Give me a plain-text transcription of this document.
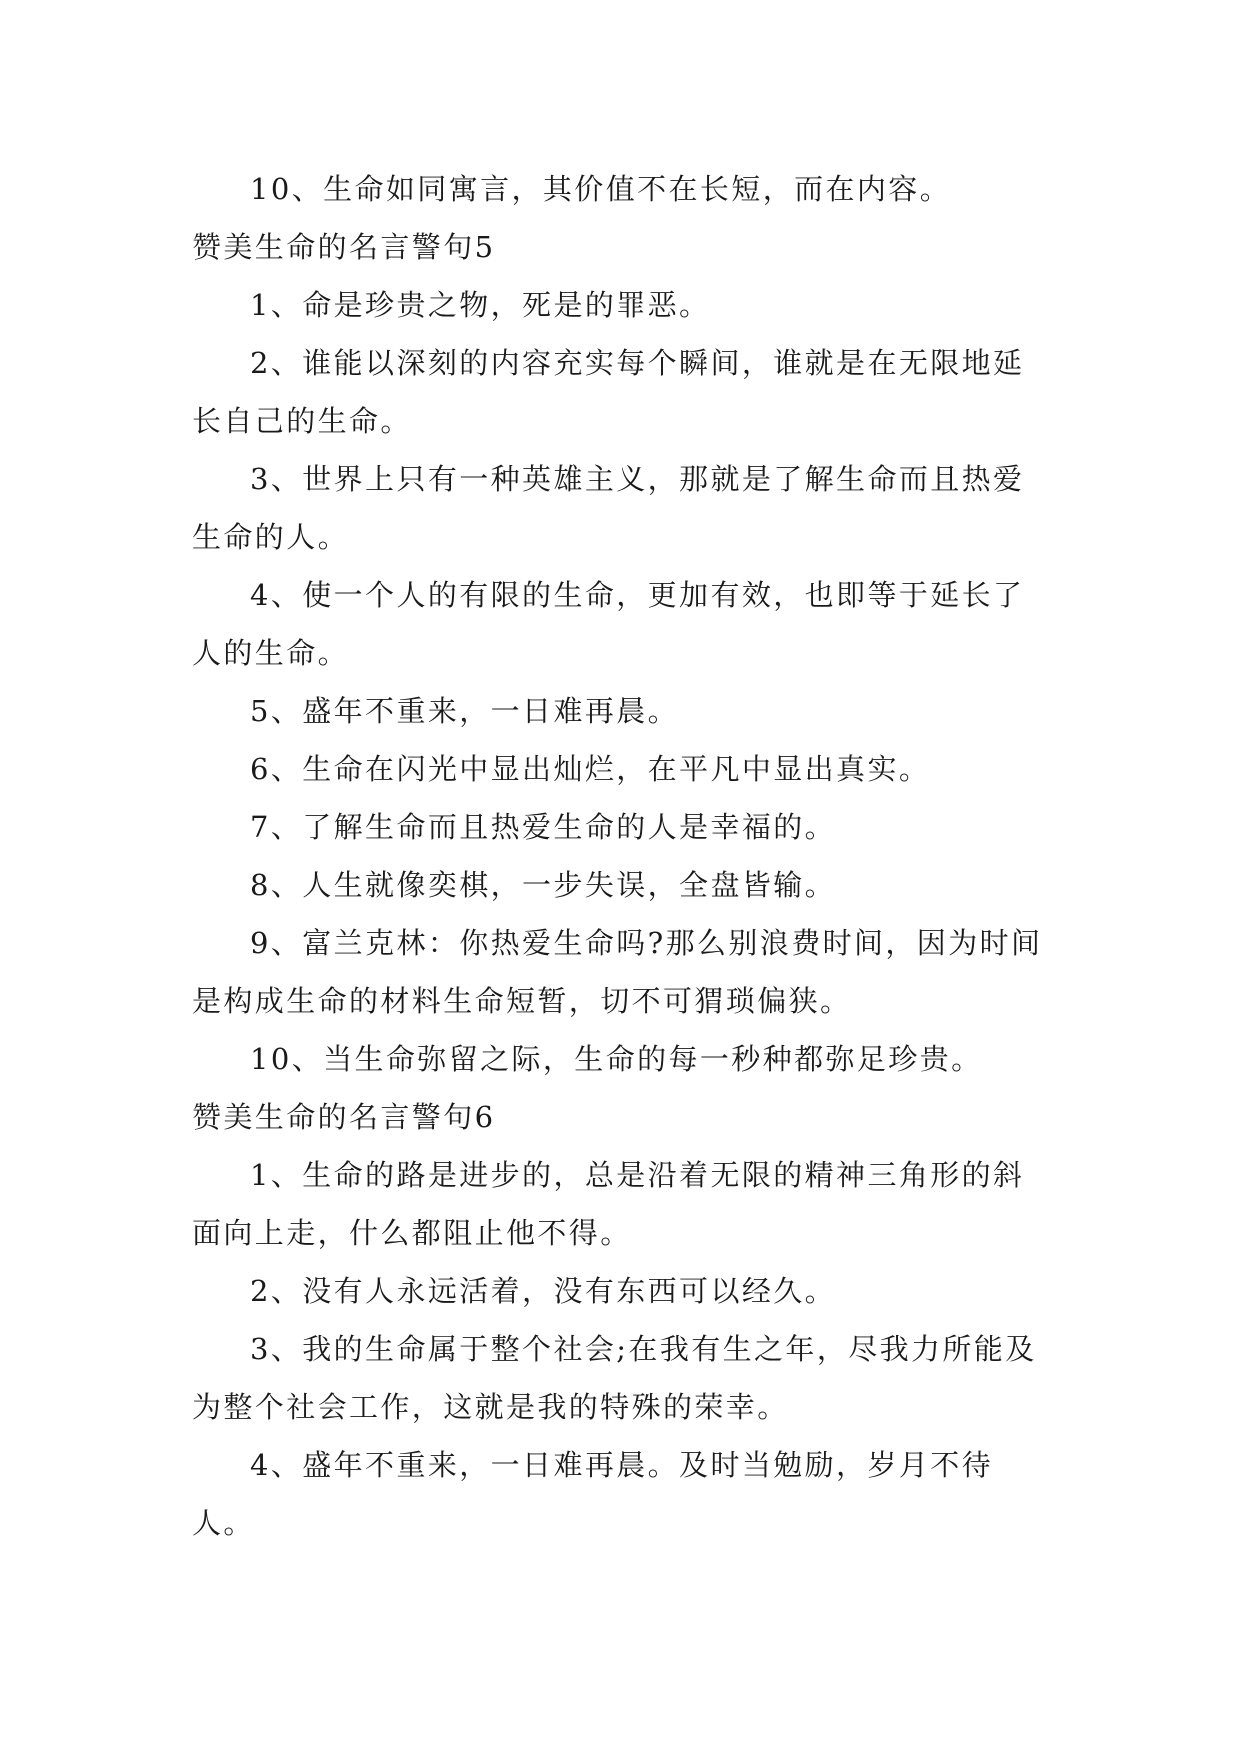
10、生命如同寓言，其价值不在长短，而在内容。

赞美生命的名言警句5

1、命是珍贵之物，死是的罪恶。

2、谁能以深刻的内容充实每个瞬间，谁就是在无限地延长自己的生命。

3、世界上只有一种英雄主义，那就是了解生命而且热爱生命的人。

4、使一个人的有限的生命，更加有效，也即等于延长了人的生命。

5、盛年不重来，一日难再晨。

6、生命在闪光中显出灿烂，在平凡中显出真实。

7、了解生命而且热爱生命的人是幸福的。

8、人生就像奕棋，一步失误，全盘皆输。

9、富兰克林：你热爱生命吗?那么别浪费时间，因为时间是构成生命的材料生命短暂，切不可猬琐偏狭。

10、当生命弥留之际，生命的每一秒种都弥足珍贵。

赞美生命的名言警句6

1、生命的路是进步的，总是沿着无限的精神三角形的斜面向上走，什么都阻止他不得。

2、没有人永远活着，没有东西可以经久。

3、我的生命属于整个社会;在我有生之年，尽我力所能及为整个社会工作，这就是我的特殊的荣幸。

4、盛年不重来，一日难再晨。及时当勉励，岁月不待人。
